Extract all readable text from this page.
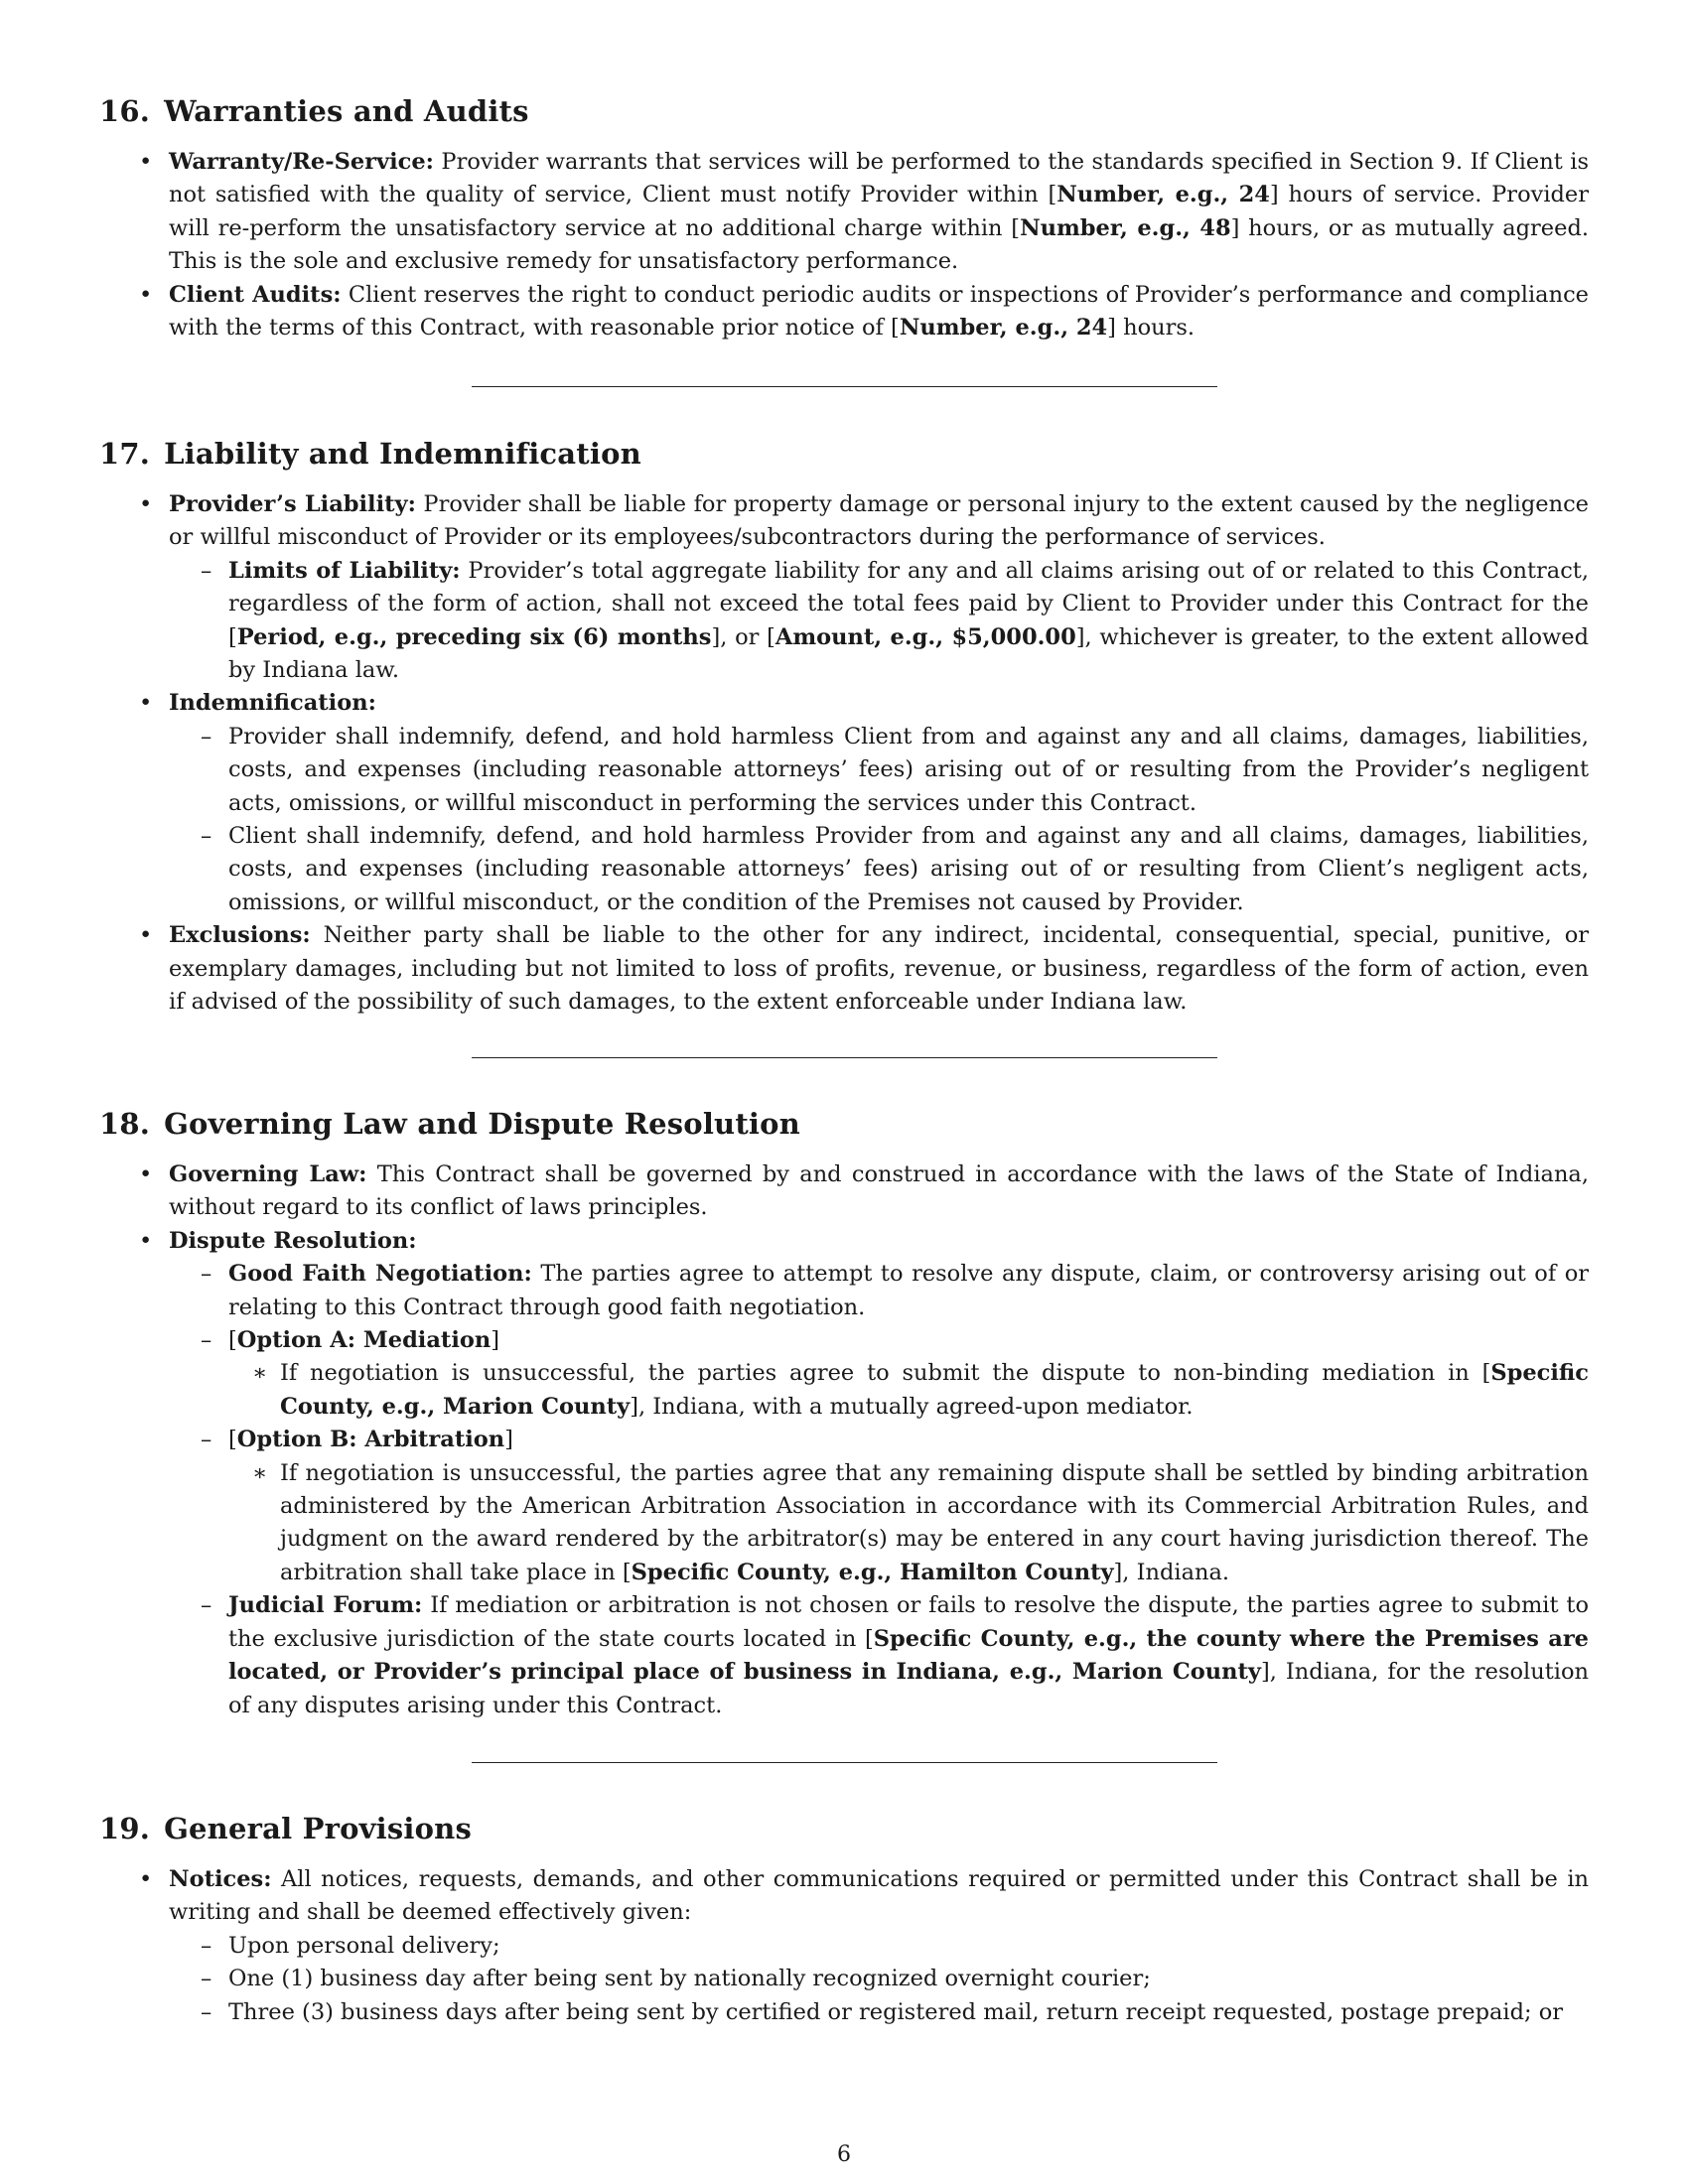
16. Warranties and Audits
• Warranty/Re-Service: Provider warrants that services will be performed to the standards specified in Section 9. If Client is not satisfied with the quality of service, Client must notify Provider within [Number, e.g., 24] hours of service. Provider will re-perform the unsatisfactory service at no additional charge within [Number, e.g., 48] hours, or as mutually agreed. This is the sole and exclusive remedy for unsatisfactory performance.

• Client Audits: Client reserves the right to conduct periodic audits or inspections of Provider’s performance and compliance with the terms of this Contract, with reasonable prior notice of [Number, e.g., 24] hours.

17. Liability and Indemnification
• Provider’s Liability: Provider shall be liable for property damage or personal injury to the extent caused by the negligence or willful misconduct of Provider or its employees/subcontractors during the performance of services.

– Limits of Liability: Provider’s total aggregate liability for any and all claims arising out of or related to this Contract, regardless of the form of action, shall not exceed the total fees paid by Client to Provider under this Contract for the [Period, e.g., preceding six (6) months], or [Amount, e.g., $5,000.00], whichever is greater, to the extent allowed by Indiana law.

• Indemnification:

– Provider shall indemnify, defend, and hold harmless Client from and against any and all claims, damages, liabilities, costs, and expenses (including reasonable attorneys’ fees) arising out of or resulting from the Provider’s negligent acts, omissions, or willful misconduct in performing the services under this Contract.

– Client shall indemnify, defend, and hold harmless Provider from and against any and all claims, damages, liabilities, costs, and expenses (including reasonable attorneys’ fees) arising out of or resulting from Client’s negligent acts, omissions, or willful misconduct, or the condition of the Premises not caused by Provider.

• Exclusions: Neither party shall be liable to the other for any indirect, incidental, consequential, special, punitive, or exemplary damages, including but not limited to loss of profits, revenue, or business, regardless of the form of action, even if advised of the possibility of such damages, to the extent enforceable under Indiana law.

18. Governing Law and Dispute Resolution
• Governing Law: This Contract shall be governed by and construed in accordance with the laws of the State of Indiana, without regard to its conflict of laws principles.

• Dispute Resolution:

– Good Faith Negotiation: The parties agree to attempt to resolve any dispute, claim, or controversy arising out of or relating to this Contract through good faith negotiation.

– [Option A: Mediation]

∗ If negotiation is unsuccessful, the parties agree to submit the dispute to non-binding mediation in [Specific County, e.g., Marion County], Indiana, with a mutually agreed-upon mediator.

– [Option B: Arbitration]

∗ If negotiation is unsuccessful, the parties agree that any remaining dispute shall be settled by binding arbitration administered by the American Arbitration Association in accordance with its Commercial Arbitration Rules, and judgment on the award rendered by the arbitrator(s) may be entered in any court having jurisdiction thereof. The arbitration shall take place in [Specific County, e.g., Hamilton County], Indiana.

– Judicial Forum: If mediation or arbitration is not chosen or fails to resolve the dispute, the parties agree to submit to the exclusive jurisdiction of the state courts located in [Specific County, e.g., the county where the Premises are located, or Provider’s principal place of business in Indiana, e.g., Marion County], Indiana, for the resolution of any disputes arising under this Contract.

19. General Provisions
• Notices: All notices, requests, demands, and other communications required or permitted under this Contract shall be in writing and shall be deemed effectively given:

– Upon personal delivery;

– One (1) business day after being sent by nationally recognized overnight courier;

– Three (3) business days after being sent by certified or registered mail, return receipt requested, postage prepaid; or

6
